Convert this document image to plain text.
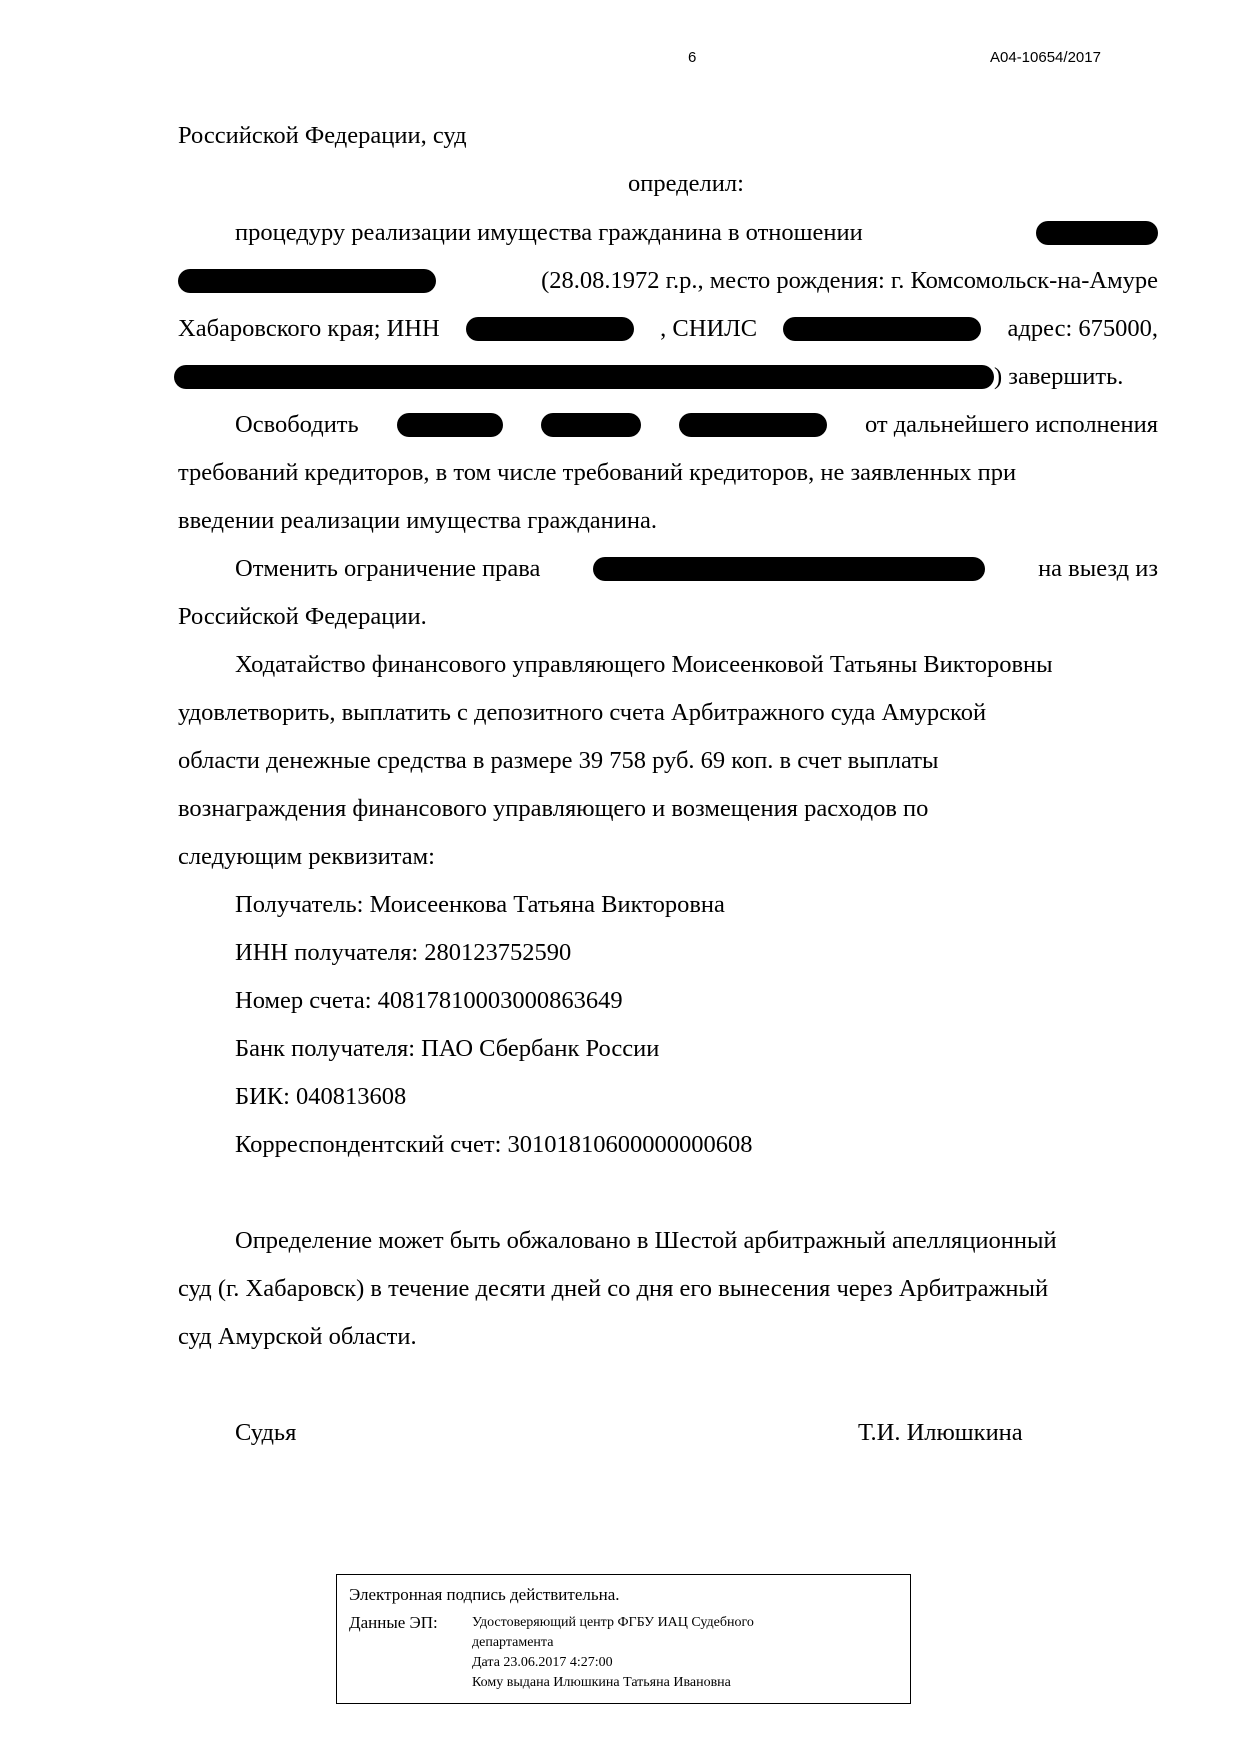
6	А04-10654/2017
Российской Федерации, суд
определил:
процедуру реализации имущества гражданина в отношении
(28.08.1972 г.р., место рождения: г. Комсомольск-на-Амуре
Хабаровского края; ИНН	, СНИЛС	адрес: 675000,
) завершить.
Освободить	от дальнейшего исполнения
требований кредиторов, в том числе требований кредиторов, не заявленных при
введении реализации имущества гражданина.
Отменить ограничение права	на выезд из
Российской Федерации.
Ходатайство финансового управляющего Моисеенковой Татьяны Викторовны
удовлетворить, выплатить с депозитного счета Арбитражного суда Амурской
области денежные средства в размере 39 758 руб. 69 коп. в счет выплаты
вознаграждения финансового управляющего и возмещения расходов по
следующим реквизитам:
Получатель: Моисеенкова Татьяна Викторовна
ИНН получателя: 280123752590
Номер счета: 40817810003000863649
Банк получателя: ПАО Сбербанк России
БИК: 040813608
Корреспондентский счет: 30101810600000000608
Определение может быть обжаловано в Шестой арбитражный апелляционный
суд (г. Хабаровск) в течение десяти дней со дня его вынесения через Арбитражный
суд Амурской области.
Судья	Т.И. Илюшкина
Электронная подпись действительна.
Данные ЭП: Удостоверяющий центр ФГБУ ИАЦ Судебного
департамента
Дата 23.06.2017 4:27:00
Кому выдана Илюшкина Татьяна Ивановна
